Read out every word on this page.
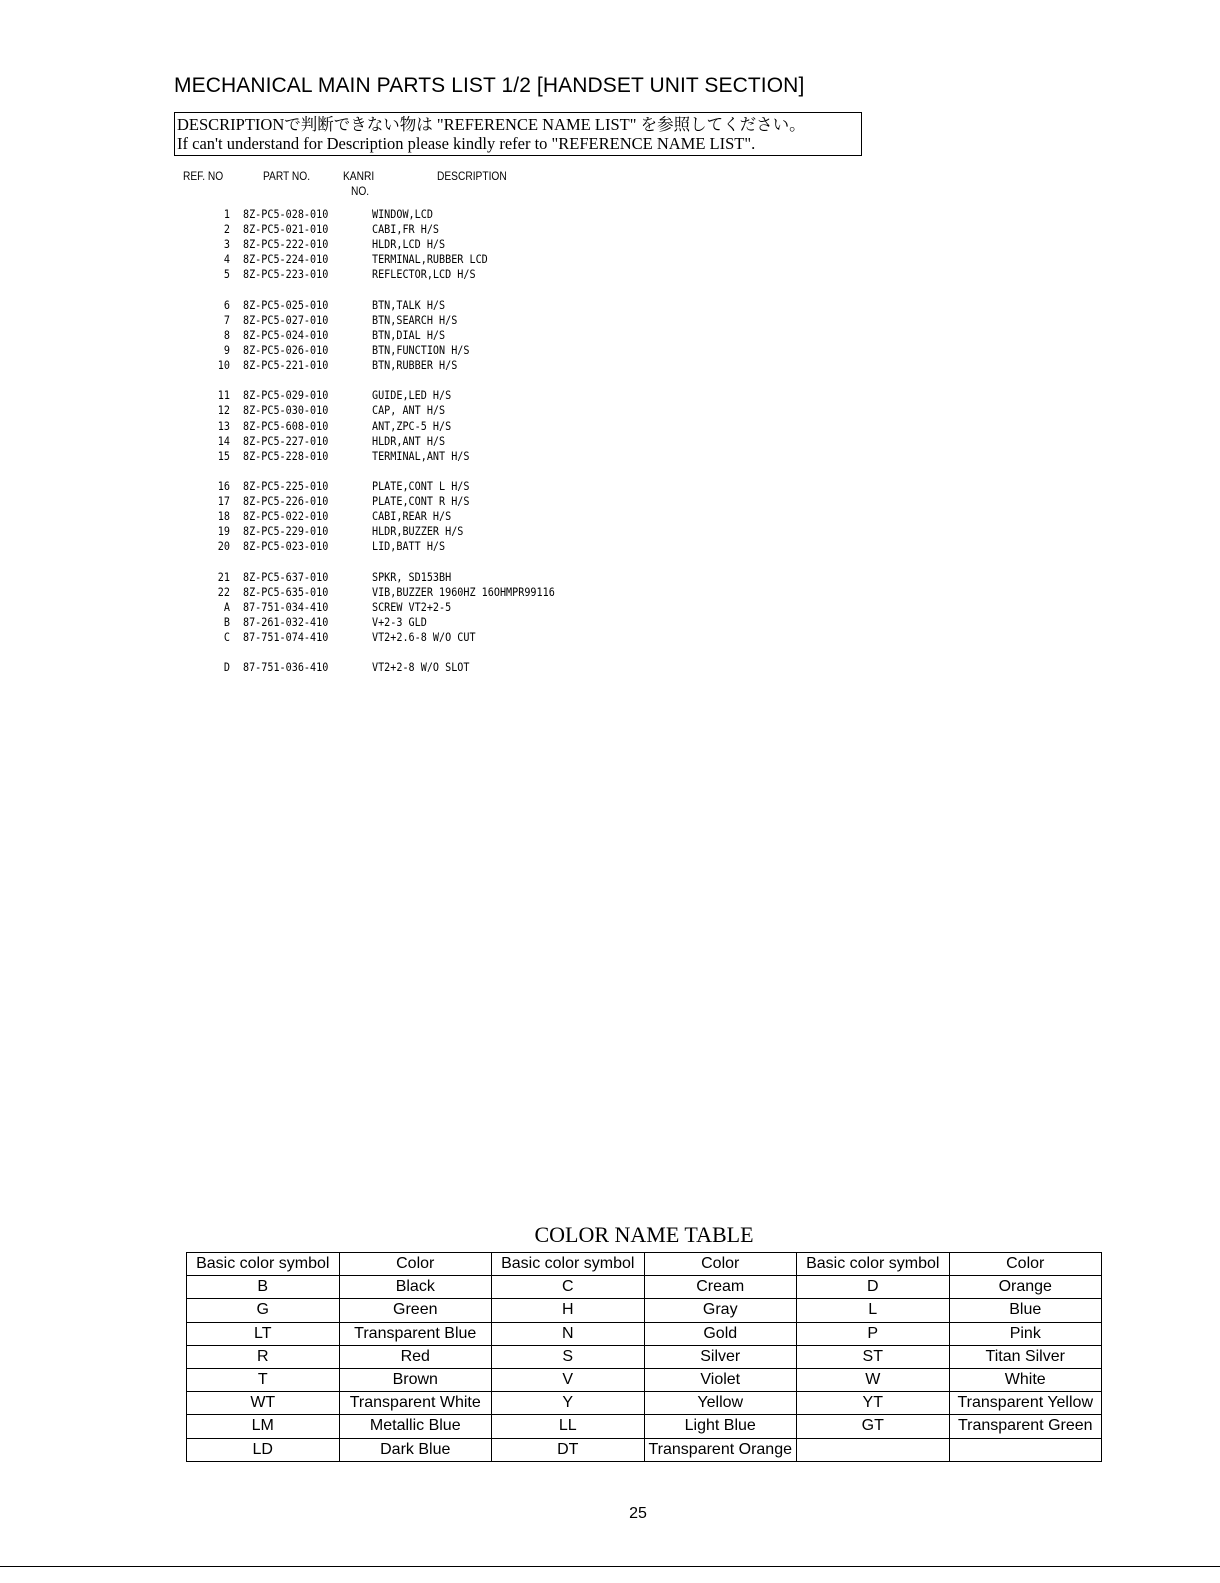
MECHANICAL MAIN PARTS LIST 1/2 [HANDSET UNIT SECTION]
DESCRIPTIONで判断できない物は "REFERENCE NAME LIST" を参照してください。
If can't understand for Description please kindly refer to "REFERENCE NAME LIST".
REF. NO	PART NO.	KANRI
NO.
DESCRIPTION
1 8Z-PC5-028-010	WINDOW,LCD
2 8Z-PC5-021-010	CABI,FR H/S
3 8Z-PC5-222-010	HLDR,LCD H/S
4 8Z-PC5-224-010	TERMINAL,RUBBER LCD
5 8Z-PC5-223-010	REFLECTOR,LCD H/S
6 8Z-PC5-025-010	BTN,TALK H/S
7 8Z-PC5-027-010	BTN,SEARCH H/S
8 8Z-PC5-024-010	BTN,DIAL H/S
9 8Z-PC5-026-010	BTN,FUNCTION H/S
10 8Z-PC5-221-010	BTN,RUBBER H/S
11 8Z-PC5-029-010	GUIDE,LED H/S
12 8Z-PC5-030-010	CAP, ANT H/S
13 8Z-PC5-608-010	ANT,ZPC-5 H/S
14 8Z-PC5-227-010	HLDR,ANT H/S
15 8Z-PC5-228-010	TERMINAL,ANT H/S
16 8Z-PC5-225-010	PLATE,CONT L H/S
17 8Z-PC5-226-010	PLATE,CONT R H/S
18 8Z-PC5-022-010	CABI,REAR H/S
19 8Z-PC5-229-010	HLDR,BUZZER H/S
20 8Z-PC5-023-010	LID,BATT H/S
21 8Z-PC5-637-010	SPKR, SD153BH
22 8Z-PC5-635-010	VIB,BUZZER 1960HZ 16OHMPR99116
A 87-751-034-410	SCREW VT2+2-5
B 87-261-032-410	V+2-3 GLD
C 87-751-074-410	VT2+2.6-8 W/O CUT
D 87-751-036-410	VT2+2-8 W/O SLOT
COLOR NAME TABLE
Basic color symbol	Color	Basic color symbol	Color	Basic color symbol	Color
B	Black	C	Cream	D	Orange
G	Green	H	Gray	L	Blue
LT	Transparent Blue	N	Gold	P	Pink
R	Red	S	Silver	ST	Titan Silver
T	Brown	V	Violet	W	White
WT	Transparent White	Y	Yellow	YT	Transparent Yellow
LM	Metallic Blue	LL	Light Blue	GT	Transparent Green
LD	Dark Blue	DT	Transparent Orange		
25
